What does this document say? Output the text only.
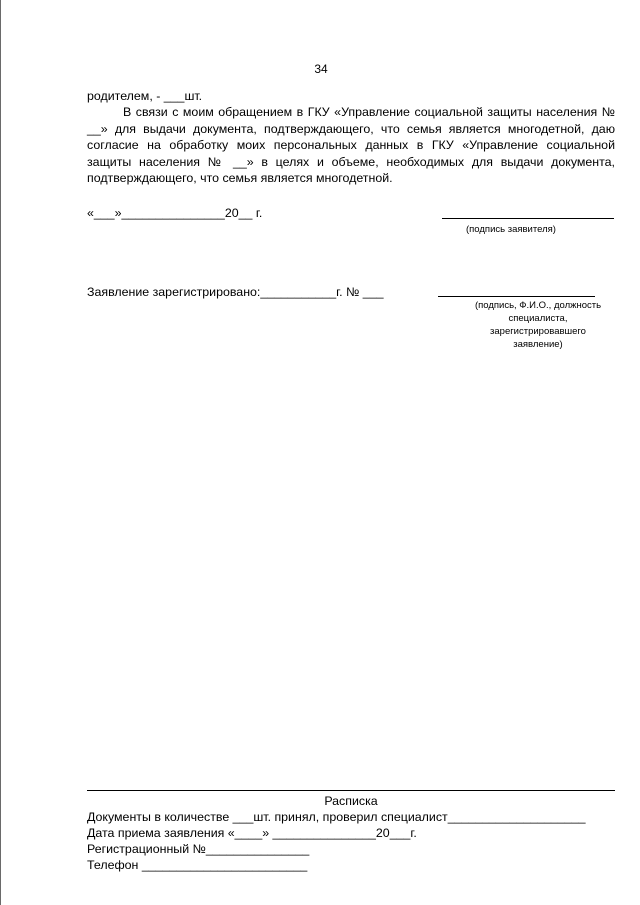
34
родителем, - ___шт.
В связи с моим обращением в ГКУ «Управление социальной защиты населения № __» для выдачи документа, подтверждающего, что семья является многодетной, даю согласие на обработку моих персональных данных в ГКУ «Управление социальной защиты населения № __» в целях и объеме, необходимых для выдачи документа, подтверждающего, что семья является многодетной.
«___»_______________20__ г.
(подпись заявителя)
Заявление зарегистрировано:___________г. № ___
(подпись, Ф.И.О., должность
специалиста,
зарегистрировавшего
заявление)
Расписка
Документы в количестве ___шт. принял, проверил специалист____________________
Дата приема заявления «____» _______________20___г.
Регистрационный №_______________
Телефон ________________________
